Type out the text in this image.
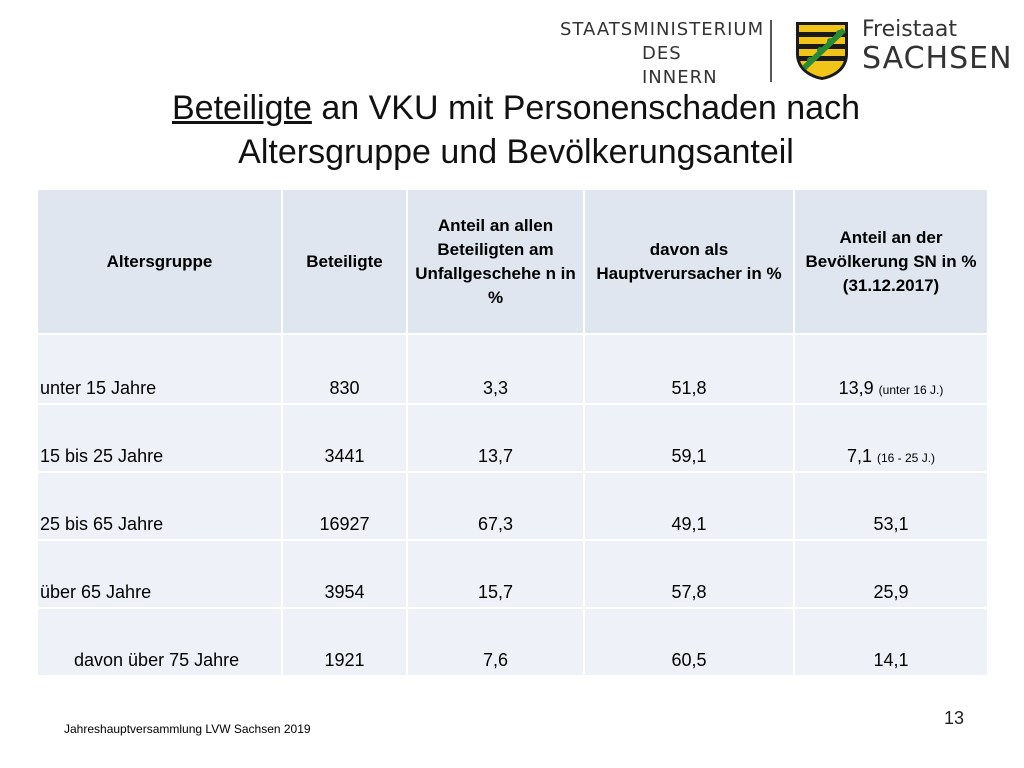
STAATSMINISTERIUM
DES INNERN
Freistaat
SACHSEN
Beteiligte an VKU mit Personenschaden nach
Altersgruppe und Bevölkerungsanteil
Altersgruppe	Beteiligte	Anteil an allen Beteiligten am Unfallgeschehe n in %	davon als Hauptverursacher in %	Anteil an der Bevölkerung SN in % (31.12.2017)
unter 15 Jahre	830	3,3	51,8	13,9 (unter 16 J.)
15 bis 25 Jahre	3441	13,7	59,1	7,1 (16 - 25 J.)
25 bis 65 Jahre	16927	67,3	49,1	53,1
über 65 Jahre	3954	15,7	57,8	25,9
davon über 75 Jahre	1921	7,6	60,5	14,1
Jahreshauptversammlung LVW Sachsen 2019
13
